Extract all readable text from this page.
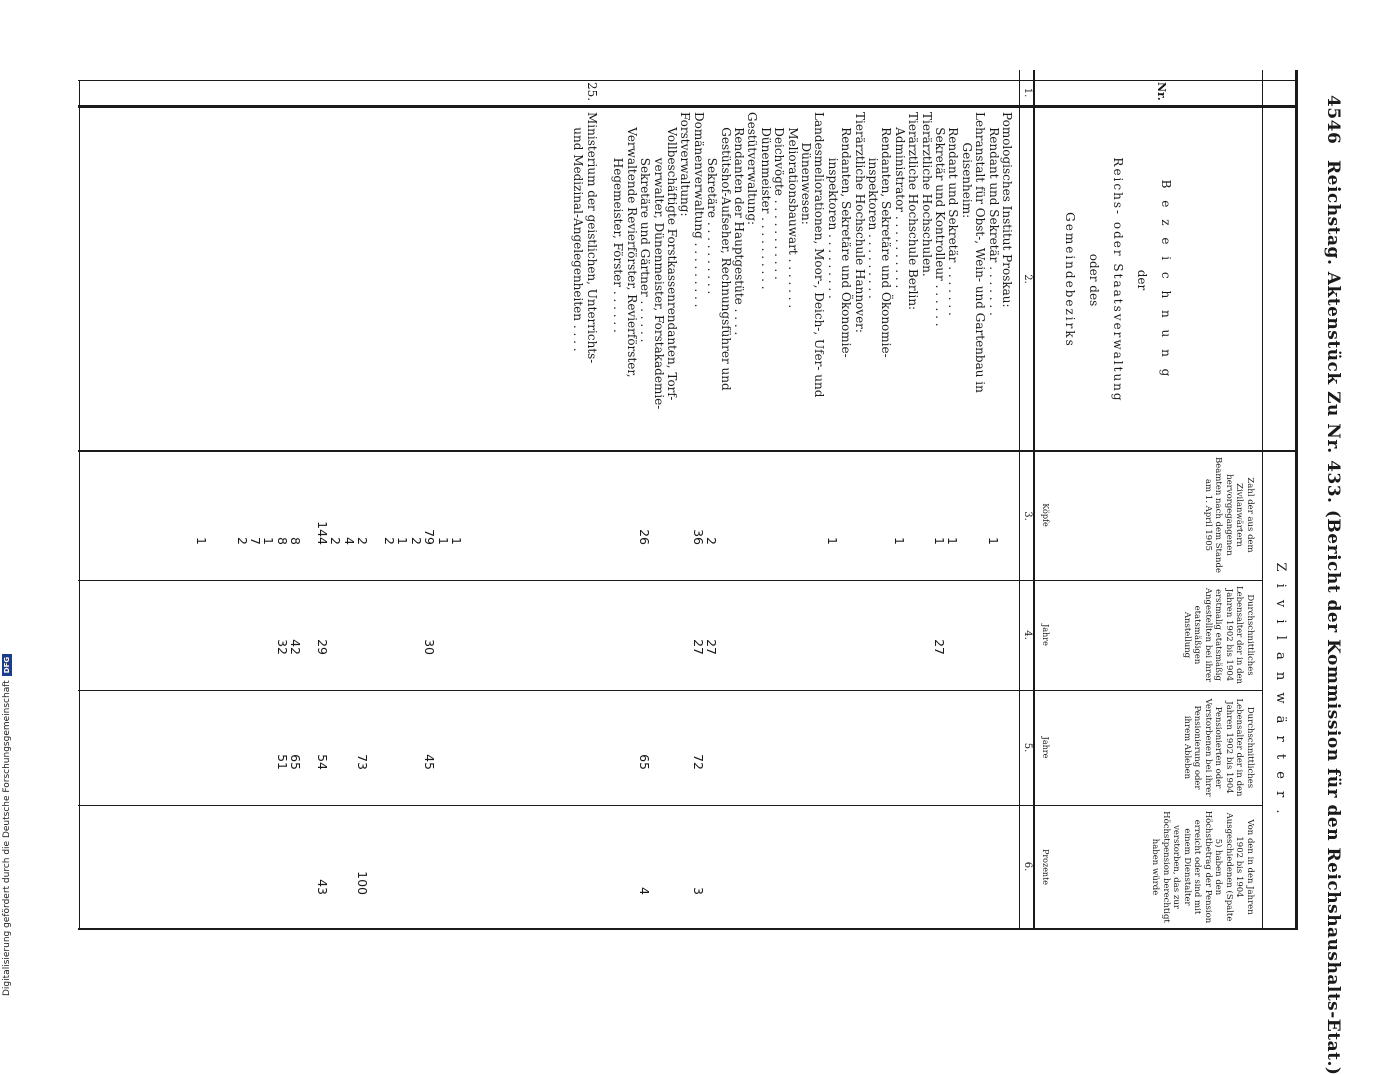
4546
Reichstag. Aktenstück Zu Nr. 433. (Bericht der Kommission für den Reichshaushalts-Etat.)
Nr.
B e z e i c h n u n g
der
Reichs- oder Staatsverwaltung
oder des
Gemeindebezirks
Z i v i l a n w ä r t e r .
Zahl der aus dem Zivilanwärtern hervorgegangenen Beamten nach dem Stande am 1. April 1905
Köpfe
Durchschnittliches Lebensalter der in den Jahren 1902 bis 1904 erstmalig etatsmäßig Angestellten bei ihrer etatsmäßigen Anstellung
Jahre
Durchschnittliches Lebensalter der in den Jahren 1902 bis 1904 Pensionierten oder Verstorbenen bei ihrer Pensionierung oder ihrem Ableben
Jahre
Von den in den Jahren 1902 bis 1904 Ausgeschiedenen (Spalte 5) haben den Höchstbetrag der Pension erreicht oder sind mit einem Dienstalter verstorben, das zur Höchstpension berechtigt haben würde
Prozente
1.
2.
3.
4.
5.
6.
Pomologisches Institut Proskau:
Rendant und Sekretär . . . . . . .
1
Lehranstalt für Obst-, Wein- und Gartenbau in
Geisenheim:
Rendant und Sekretär . . . . . . .
1
Sekretär und Kontrolleur . . . . . .
1
27
Tierärztliche Hochschulen.
Tierärztliche Hochschule Berlin:
Administrator . . . . . . . . . .
1
Rendanten, Sekretäre und Ökonomie-
inspektoren . . . . . . . . .
Tierärztliche Hochschule Hannover:
Rendanten, Sekretäre und Ökonomie-
inspektoren . . . . . . . . .
1
Landesmeliorationen, Moor-, Deich-, Ufer- und
Dünenwesen:
Meliorationsbauwart . . . . . . .
Deichvögte . . . . . . . . . . .
Dünenmeister . . . . . . . . . .
Gestütverwaltung:
Rendanten der Hauptgestüte . . . .
Gestütshof-Aufseher, Rechnungsführer und
Sekretäre . . . . . . . . . .
2
27
Domänenverwaltung . . . . . . . . .
36
27
72
3
Forstverwaltung:
Vollbeschäftigte Forstkassenrendanten, Torf-
verwalter, Dünenmeister, Forstakademie-
Sekretäre und Gärtner . . . . . .
26
65
4
Verwaltende Revierförster, Revierförster,
Hegemeister, Förster . . . . . .
25.
Ministerium der geistlichen, Unterrichts-
und Medizinal-Angelegenheiten . . . .
1
1
79
30
45
2
1
2
2
73
100
4
2
144
29
54
43
8
42
65
8
32
51
1
7
2
1
Digitalisierung gefördert durch die Deutsche Forschungsgemeinschaft
DFG
